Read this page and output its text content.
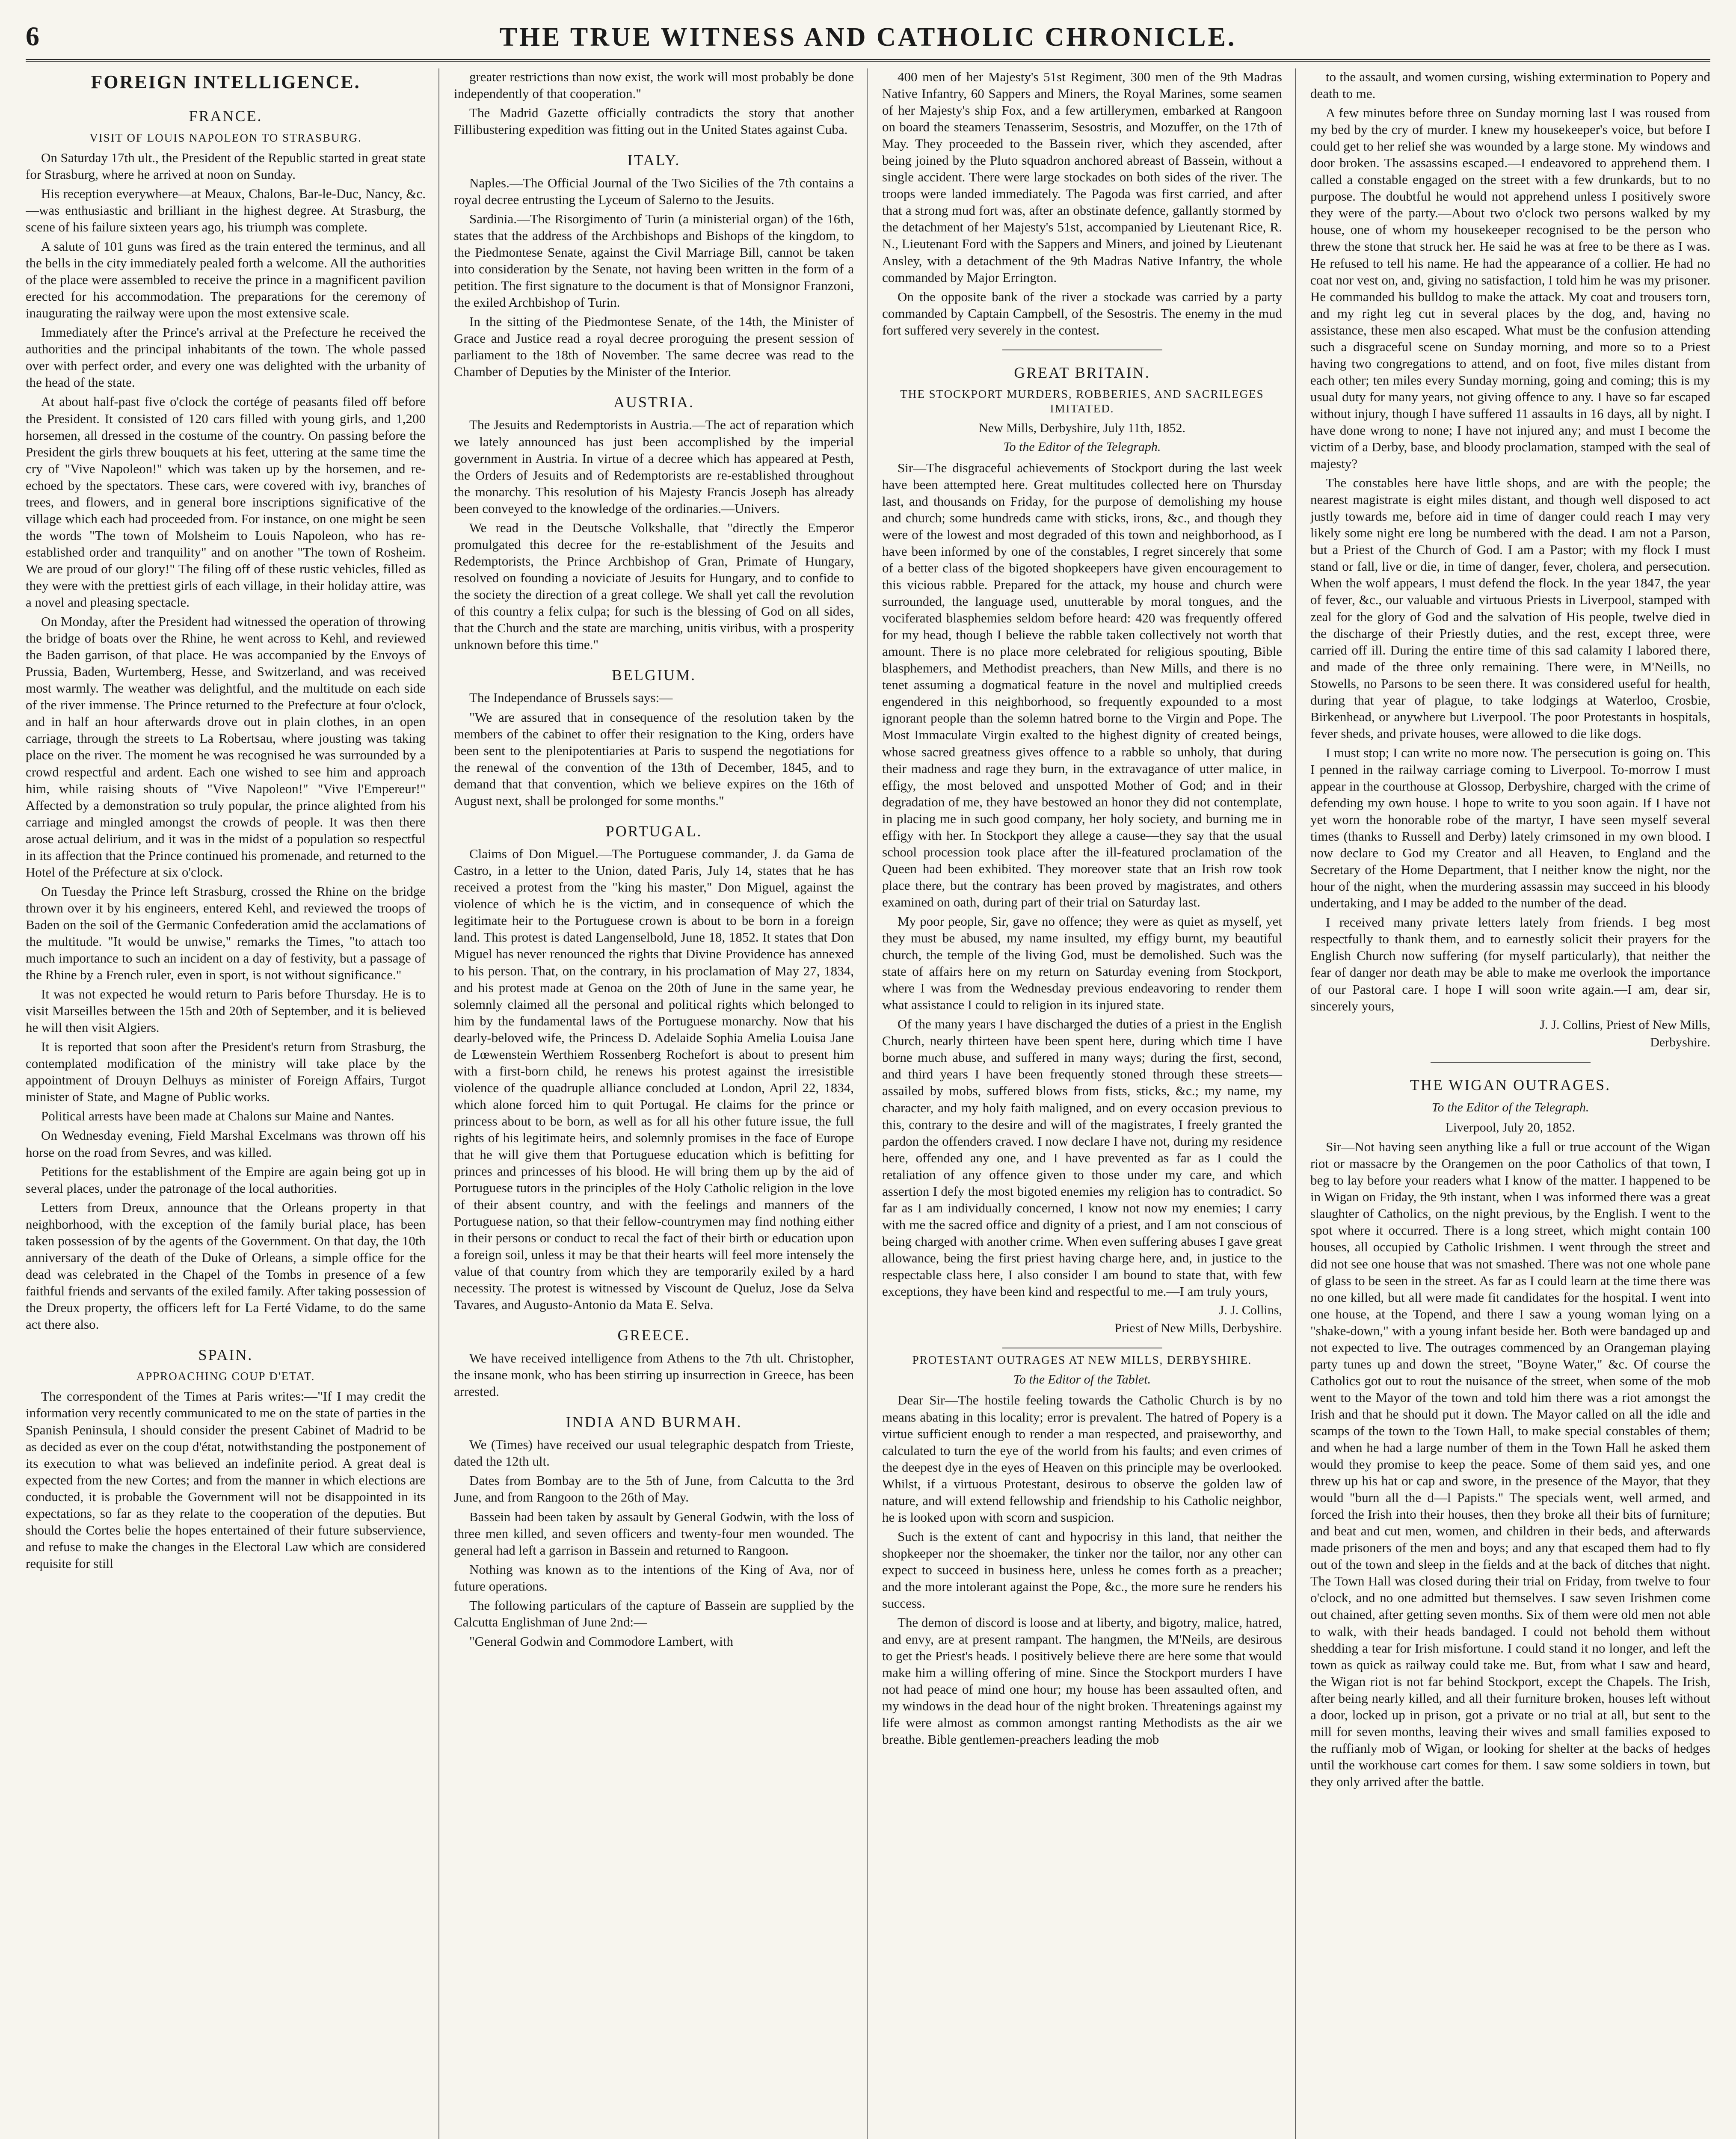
6	THE TRUE WITNESS AND CATHOLIC CHRONICLE.
FOREIGN INTELLIGENCE.
FRANCE.
VISIT OF LOUIS NAPOLEON TO STRASBURG.

On Saturday 17th ult., the President of the Republic started in great state for Strasburg, where he arrived at noon on Sunday.

His reception everywhere—at Meaux, Chalons, Bar-le-Duc, Nancy, &c.—was enthusiastic and brilliant in the highest degree. At Strasburg, the scene of his failure sixteen years ago, his triumph was complete.

A salute of 101 guns was fired as the train entered the terminus, and all the bells in the city immediately pealed forth a welcome. All the authorities of the place were assembled to receive the prince in a magnificent pavilion erected for his accommodation. The preparations for the ceremony of inaugurating the railway were upon the most extensive scale.

Immediately after the Prince's arrival at the Prefecture he received the authorities and the principal inhabitants of the town. The whole passed over with perfect order, and every one was delighted with the urbanity of the head of the state.

At about half-past five o'clock the cortége of peasants filed off before the President. It consisted of 120 cars filled with young girls, and 1,200 horsemen, all dressed in the costume of the country. On passing before the President the girls threw bouquets at his feet, uttering at the same time the cry of "Vive Napoleon!" which was taken up by the horsemen, and re-echoed by the spectators. These cars, were covered with ivy, branches of trees, and flowers, and in general bore inscriptions significative of the village which each had proceeded from. For instance, on one might be seen the words "The town of Molsheim to Louis Napoleon, who has re-established order and tranquility" and on another "The town of Rosheim. We are proud of our glory!" The filing off of these rustic vehicles, filled as they were with the prettiest girls of each village, in their holiday attire, was a novel and pleasing spectacle.

On Monday, after the President had witnessed the operation of throwing the bridge of boats over the Rhine, he went across to Kehl, and reviewed the Baden garrison, of that place. He was accompanied by the Envoys of Prussia, Baden, Wurtemberg, Hesse, and Switzerland, and was received most warmly. The weather was delightful, and the multitude on each side of the river immense. The Prince returned to the Prefecture at four o'clock, and in half an hour afterwards drove out in plain clothes, in an open carriage, through the streets to La Robertsau, where jousting was taking place on the river. The moment he was recognised he was surrounded by a crowd respectful and ardent. Each one wished to see him and approach him, while raising shouts of "Vive Napoleon!" "Vive l'Empereur!" Affected by a demonstration so truly popular, the prince alighted from his carriage and mingled amongst the crowds of people. It was then there arose actual delirium, and it was in the midst of a population so respectful in its affection that the Prince continued his promenade, and returned to the Hotel of the Préfecture at six o'clock.

On Tuesday the Prince left Strasburg, crossed the Rhine on the bridge thrown over it by his engineers, entered Kehl, and reviewed the troops of Baden on the soil of the Germanic Confederation amid the acclamations of the multitude. "It would be unwise," remarks the Times, "to attach too much importance to such an incident on a day of festivity, but a passage of the Rhine by a French ruler, even in sport, is not without significance."

It was not expected he would return to Paris before Thursday. He is to visit Marseilles between the 15th and 20th of September, and it is believed he will then visit Algiers.

It is reported that soon after the President's return from Strasburg, the contemplated modification of the ministry will take place by the appointment of Drouyn Delhuys as minister of Foreign Affairs, Turgot minister of State, and Magne of Public works.

Political arrests have been made at Chalons sur Maine and Nantes.

On Wednesday evening, Field Marshal Excelmans was thrown off his horse on the road from Sevres, and was killed.

Petitions for the establishment of the Empire are again being got up in several places, under the patronage of the local authorities.

Letters from Dreux, announce that the Orleans property in that neighborhood, with the exception of the family burial place, has been taken possession of by the agents of the Government. On that day, the 10th anniversary of the death of the Duke of Orleans, a simple office for the dead was celebrated in the Chapel of the Tombs in presence of a few faithful friends and servants of the exiled family. After taking possession of the Dreux property, the officers left for La Ferté Vidame, to do the same act there also.

SPAIN.
APPROACHING COUP D'ETAT.

The correspondent of the Times at Paris writes:—"If I may credit the information very recently communicated to me on the state of parties in the Spanish Peninsula, I should consider the present Cabinet of Madrid to be as decided as ever on the coup d'état, notwithstanding the postponement of its execution to what was believed an indefinite period. A great deal is expected from the new Cortes; and from the manner in which elections are conducted, it is probable the Government will not be disappointed in its expectations, so far as they relate to the cooperation of the deputies. But should the Cortes belie the hopes entertained of their future subservience, and refuse to make the changes in the Electoral Law which are considered requisite for still

greater restrictions than now exist, the work will most probably be done independently of that cooperation."

The Madrid Gazette officially contradicts the story that another Fillibustering expedition was fitting out in the United States against Cuba.

ITALY.

Naples.—The Official Journal of the Two Sicilies of the 7th contains a royal decree entrusting the Lyceum of Salerno to the Jesuits.

Sardinia.—The Risorgimento of Turin (a ministerial organ) of the 16th, states that the address of the Archbishops and Bishops of the kingdom, to the Piedmontese Senate, against the Civil Marriage Bill, cannot be taken into consideration by the Senate, not having been written in the form of a petition. The first signature to the document is that of Monsignor Franzoni, the exiled Archbishop of Turin.

In the sitting of the Piedmontese Senate, of the 14th, the Minister of Grace and Justice read a royal decree proroguing the present session of parliament to the 18th of November. The same decree was read to the Chamber of Deputies by the Minister of the Interior.

AUSTRIA.

The Jesuits and Redemptorists in Austria.—The act of reparation which we lately announced has just been accomplished by the imperial government in Austria. In virtue of a decree which has appeared at Pesth, the Orders of Jesuits and of Redemptorists are re-established throughout the monarchy. This resolution of his Majesty Francis Joseph has already been conveyed to the knowledge of the ordinaries.—Univers.

We read in the Deutsche Volkshalle, that "directly the Emperor promulgated this decree for the re-establishment of the Jesuits and Redemptorists, the Prince Archbishop of Gran, Primate of Hungary, resolved on founding a noviciate of Jesuits for Hungary, and to confide to the society the direction of a great college. We shall yet call the revolution of this country a felix culpa; for such is the blessing of God on all sides, that the Church and the state are marching, unitis viribus, with a prosperity unknown before this time."

BELGIUM.

The Independance of Brussels says:—

"We are assured that in consequence of the resolution taken by the members of the cabinet to offer their resignation to the King, orders have been sent to the plenipotentiaries at Paris to suspend the negotiations for the renewal of the convention of the 13th of December, 1845, and to demand that that convention, which we believe expires on the 16th of August next, shall be prolonged for some months."

PORTUGAL.

Claims of Don Miguel.—The Portuguese commander, J. da Gama de Castro, in a letter to the Union, dated Paris, July 14, states that he has received a protest from the "king his master," Don Miguel, against the violence of which he is the victim, and in consequence of which the legitimate heir to the Portuguese crown is about to be born in a foreign land. This protest is dated Langenselbold, June 18, 1852. It states that Don Miguel has never renounced the rights that Divine Providence has annexed to his person. That, on the contrary, in his proclamation of May 27, 1834, and his protest made at Genoa on the 20th of June in the same year, he solemnly claimed all the personal and political rights which belonged to him by the fundamental laws of the Portuguese monarchy. Now that his dearly-beloved wife, the Princess D. Adelaide Sophia Amelia Louisa Jane de Lœwenstein Werthiem Rossenberg Rochefort is about to present him with a first-born child, he renews his protest against the irresistible violence of the quadruple alliance concluded at London, April 22, 1834, which alone forced him to quit Portugal. He claims for the prince or princess about to be born, as well as for all his other future issue, the full rights of his legitimate heirs, and solemnly promises in the face of Europe that he will give them that Portuguese education which is befitting for princes and princesses of his blood. He will bring them up by the aid of Portuguese tutors in the principles of the Holy Catholic religion in the love of their absent country, and with the feelings and manners of the Portuguese nation, so that their fellow-countrymen may find nothing either in their persons or conduct to recal the fact of their birth or education upon a foreign soil, unless it may be that their hearts will feel more intensely the value of that country from which they are temporarily exiled by a hard necessity. The protest is witnessed by Viscount de Queluz, Jose da Selva Tavares, and Augusto-Antonio da Mata E. Selva.

GREECE.

We have received intelligence from Athens to the 7th ult. Christopher, the insane monk, who has been stirring up insurrection in Greece, has been arrested.

INDIA AND BURMAH.

We (Times) have received our usual telegraphic despatch from Trieste, dated the 12th ult.

Dates from Bombay are to the 5th of June, from Calcutta to the 3rd June, and from Rangoon to the 26th of May.

Bassein had been taken by assault by General Godwin, with the loss of three men killed, and seven officers and twenty-four men wounded. The general had left a garrison in Bassein and returned to Rangoon.

Nothing was known as to the intentions of the King of Ava, nor of future operations.

The following particulars of the capture of Bassein are supplied by the Calcutta Englishman of June 2nd:—

"General Godwin and Commodore Lambert, with

400 men of her Majesty's 51st Regiment, 300 men of the 9th Madras Native Infantry, 60 Sappers and Miners, the Royal Marines, some seamen of her Majesty's ship Fox, and a few artillerymen, embarked at Rangoon on board the steamers Tenasserim, Sesostris, and Mozuffer, on the 17th of May. They proceeded to the Bassein river, which they ascended, after being joined by the Pluto squadron anchored abreast of Bassein, without a single accident. There were large stockades on both sides of the river. The troops were landed immediately. The Pagoda was first carried, and after that a strong mud fort was, after an obstinate defence, gallantly stormed by the detachment of her Majesty's 51st, accompanied by Lieutenant Rice, R. N., Lieutenant Ford with the Sappers and Miners, and joined by Lieutenant Ansley, with a detachment of the 9th Madras Native Infantry, the whole commanded by Major Errington.

On the opposite bank of the river a stockade was carried by a party commanded by Captain Campbell, of the Sesostris. The enemy in the mud fort suffered very severely in the contest.

GREAT BRITAIN.
THE STOCKPORT MURDERS, ROBBERIES, AND SACRILEGES IMITATED.
New Mills, Derbyshire, July 11th, 1852.
To the Editor of the Telegraph.

Sir—The disgraceful achievements of Stockport during the last week have been attempted here. Great multitudes collected here on Thursday last, and thousands on Friday, for the purpose of demolishing my house and church; some hundreds came with sticks, irons, &c., and though they were of the lowest and most degraded of this town and neighborhood, as I have been informed by one of the constables, I regret sincerely that some of a better class of the bigoted shopkeepers have given encouragement to this vicious rabble. Prepared for the attack, my house and church were surrounded, the language used, unutterable by moral tongues, and the vociferated blasphemies seldom before heard: 420 was frequently offered for my head, though I believe the rabble taken collectively not worth that amount. There is no place more celebrated for religious spouting, Bible blasphemers, and Methodist preachers, than New Mills, and there is no tenet assuming a dogmatical feature in the novel and multiplied creeds engendered in this neighborhood, so frequently expounded to a most ignorant people than the solemn hatred borne to the Virgin and Pope. The Most Immaculate Virgin exalted to the highest dignity of created beings, whose sacred greatness gives offence to a rabble so unholy, that during their madness and rage they burn, in the extravagance of utter malice, in effigy, the most beloved and unspotted Mother of God; and in their degradation of me, they have bestowed an honor they did not contemplate, in placing me in such good company, her holy society, and burning me in effigy with her. In Stockport they allege a cause—they say that the usual school procession took place after the ill-featured proclamation of the Queen had been exhibited. They moreover state that an Irish row took place there, but the contrary has been proved by magistrates, and others examined on oath, during part of their trial on Saturday last.

My poor people, Sir, gave no offence; they were as quiet as myself, yet they must be abused, my name insulted, my effigy burnt, my beautiful church, the temple of the living God, must be demolished. Such was the state of affairs here on my return on Saturday evening from Stockport, where I was from the Wednesday previous endeavoring to render them what assistance I could to religion in its injured state.

Of the many years I have discharged the duties of a priest in the English Church, nearly thirteen have been spent here, during which time I have borne much abuse, and suffered in many ways; during the first, second, and third years I have been frequently stoned through these streets—assailed by mobs, suffered blows from fists, sticks, &c.; my name, my character, and my holy faith maligned, and on every occasion previous to this, contrary to the desire and will of the magistrates, I freely granted the pardon the offenders craved. I now declare I have not, during my residence here, offended any one, and I have prevented as far as I could the retaliation of any offence given to those under my care, and which assertion I defy the most bigoted enemies my religion has to contradict. So far as I am individually concerned, I know not now my enemies; I carry with me the sacred office and dignity of a priest, and I am not conscious of being charged with another crime. When even suffering abuses I gave great allowance, being the first priest having charge here, and, in justice to the respectable class here, I also consider I am bound to state that, with few exceptions, they have been kind and respectful to me.—I am truly yours,

J. J. Collins,
Priest of New Mills, Derbyshire.
PROTESTANT OUTRAGES AT NEW MILLS, DERBYSHIRE.
To the Editor of the Tablet.

Dear Sir—The hostile feeling towards the Catholic Church is by no means abating in this locality; error is prevalent. The hatred of Popery is a virtue sufficient enough to render a man respected, and praiseworthy, and calculated to turn the eye of the world from his faults; and even crimes of the deepest dye in the eyes of Heaven on this principle may be overlooked. Whilst, if a virtuous Protestant, desirous to observe the golden law of nature, and will extend fellowship and friendship to his Catholic neighbor, he is looked upon with scorn and suspicion.

Such is the extent of cant and hypocrisy in this land, that neither the shopkeeper nor the shoemaker, the tinker nor the tailor, nor any other can expect to succeed in business here, unless he comes forth as a preacher; and the more intolerant against the Pope, &c., the more sure he renders his success.

The demon of discord is loose and at liberty, and bigotry, malice, hatred, and envy, are at present rampant. The hangmen, the M'Neils, are desirous to get the Priest's heads. I positively believe there are here some that would make him a willing offering of mine. Since the Stockport murders I have not had peace of mind one hour; my house has been assaulted often, and my windows in the dead hour of the night broken. Threatenings against my life were almost as common amongst ranting Methodists as the air we breathe. Bible gentlemen-preachers leading the mob

to the assault, and women cursing, wishing extermination to Popery and death to me.

A few minutes before three on Sunday morning last I was roused from my bed by the cry of murder. I knew my housekeeper's voice, but before I could get to her relief she was wounded by a large stone. My windows and door broken. The assassins escaped.—I endeavored to apprehend them. I called a constable engaged on the street with a few drunkards, but to no purpose. The doubtful he would not apprehend unless I positively swore they were of the party.—About two o'clock two persons walked by my house, one of whom my housekeeper recognised to be the person who threw the stone that struck her. He said he was at free to be there as I was. He refused to tell his name. He had the appearance of a collier. He had no coat nor vest on, and, giving no satisfaction, I told him he was my prisoner. He commanded his bulldog to make the attack. My coat and trousers torn, and my right leg cut in several places by the dog, and, having no assistance, these men also escaped. What must be the confusion attending such a disgraceful scene on Sunday morning, and more so to a Priest having two congregations to attend, and on foot, five miles distant from each other; ten miles every Sunday morning, going and coming; this is my usual duty for many years, not giving offence to any. I have so far escaped without injury, though I have suffered 11 assaults in 16 days, all by night. I have done wrong to none; I have not injured any; and must I become the victim of a Derby, base, and bloody proclamation, stamped with the seal of majesty?

The constables here have little shops, and are with the people; the nearest magistrate is eight miles distant, and though well disposed to act justly towards me, before aid in time of danger could reach I may very likely some night ere long be numbered with the dead. I am not a Parson, but a Priest of the Church of God. I am a Pastor; with my flock I must stand or fall, live or die, in time of danger, fever, cholera, and persecution. When the wolf appears, I must defend the flock. In the year 1847, the year of fever, &c., our valuable and virtuous Priests in Liverpool, stamped with zeal for the glory of God and the salvation of His people, twelve died in the discharge of their Priestly duties, and the rest, except three, were carried off ill. During the entire time of this sad calamity I labored there, and made of the three only remaining. There were, in M'Neills, no Stowells, no Parsons to be seen there. It was considered useful for health, during that year of plague, to take lodgings at Waterloo, Crosbie, Birkenhead, or anywhere but Liverpool. The poor Protestants in hospitals, fever sheds, and private houses, were allowed to die like dogs.

I must stop; I can write no more now. The persecution is going on. This I penned in the railway carriage coming to Liverpool. To-morrow I must appear in the courthouse at Glossop, Derbyshire, charged with the crime of defending my own house. I hope to write to you soon again. If I have not yet worn the honorable robe of the martyr, I have seen myself several times (thanks to Russell and Derby) lately crimsoned in my own blood. I now declare to God my Creator and all Heaven, to England and the Secretary of the Home Department, that I neither know the night, nor the hour of the night, when the murdering assassin may succeed in his bloody undertaking, and I may be added to the number of the dead.

I received many private letters lately from friends. I beg most respectfully to thank them, and to earnestly solicit their prayers for the English Church now suffering (for myself particularly), that neither the fear of danger nor death may be able to make me overlook the importance of our Pastoral care. I hope I will soon write again.—I am, dear sir, sincerely yours,

J. J. Collins, Priest of New Mills,
Derbyshire.
THE WIGAN OUTRAGES.
To the Editor of the Telegraph.
Liverpool, July 20, 1852.

Sir—Not having seen anything like a full or true account of the Wigan riot or massacre by the Orangemen on the poor Catholics of that town, I beg to lay before your readers what I know of the matter. I happened to be in Wigan on Friday, the 9th instant, when I was informed there was a great slaughter of Catholics, on the night previous, by the English. I went to the spot where it occurred. There is a long street, which might contain 100 houses, all occupied by Catholic Irishmen. I went through the street and did not see one house that was not smashed. There was not one whole pane of glass to be seen in the street. As far as I could learn at the time there was no one killed, but all were made fit candidates for the hospital. I went into one house, at the Topend, and there I saw a young woman lying on a "shake-down," with a young infant beside her. Both were bandaged up and not expected to live. The outrages commenced by an Orangeman playing party tunes up and down the street, "Boyne Water," &c. Of course the Catholics got out to rout the nuisance of the street, when some of the mob went to the Mayor of the town and told him there was a riot amongst the Irish and that he should put it down. The Mayor called on all the idle and scamps of the town to the Town Hall, to make special constables of them; and when he had a large number of them in the Town Hall he asked them would they promise to keep the peace. Some of them said yes, and one threw up his hat or cap and swore, in the presence of the Mayor, that they would "burn all the d—l Papists." The specials went, well armed, and forced the Irish into their houses, then they broke all their bits of furniture; and beat and cut men, women, and children in their beds, and afterwards made prisoners of the men and boys; and any that escaped them had to fly out of the town and sleep in the fields and at the back of ditches that night. The Town Hall was closed during their trial on Friday, from twelve to four o'clock, and no one admitted but themselves. I saw seven Irishmen come out chained, after getting seven months. Six of them were old men not able to walk, with their heads bandaged. I could not behold them without shedding a tear for Irish misfortune. I could stand it no longer, and left the town as quick as railway could take me. But, from what I saw and heard, the Wigan riot is not far behind Stockport, except the Chapels. The Irish, after being nearly killed, and all their furniture broken, houses left without a door, locked up in prison, got a private or no trial at all, but sent to the mill for seven months, leaving their wives and small families exposed to the ruffianly mob of Wigan, or looking for shelter at the backs of hedges until the workhouse cart comes for them. I saw some soldiers in town, but they only arrived after the battle.
